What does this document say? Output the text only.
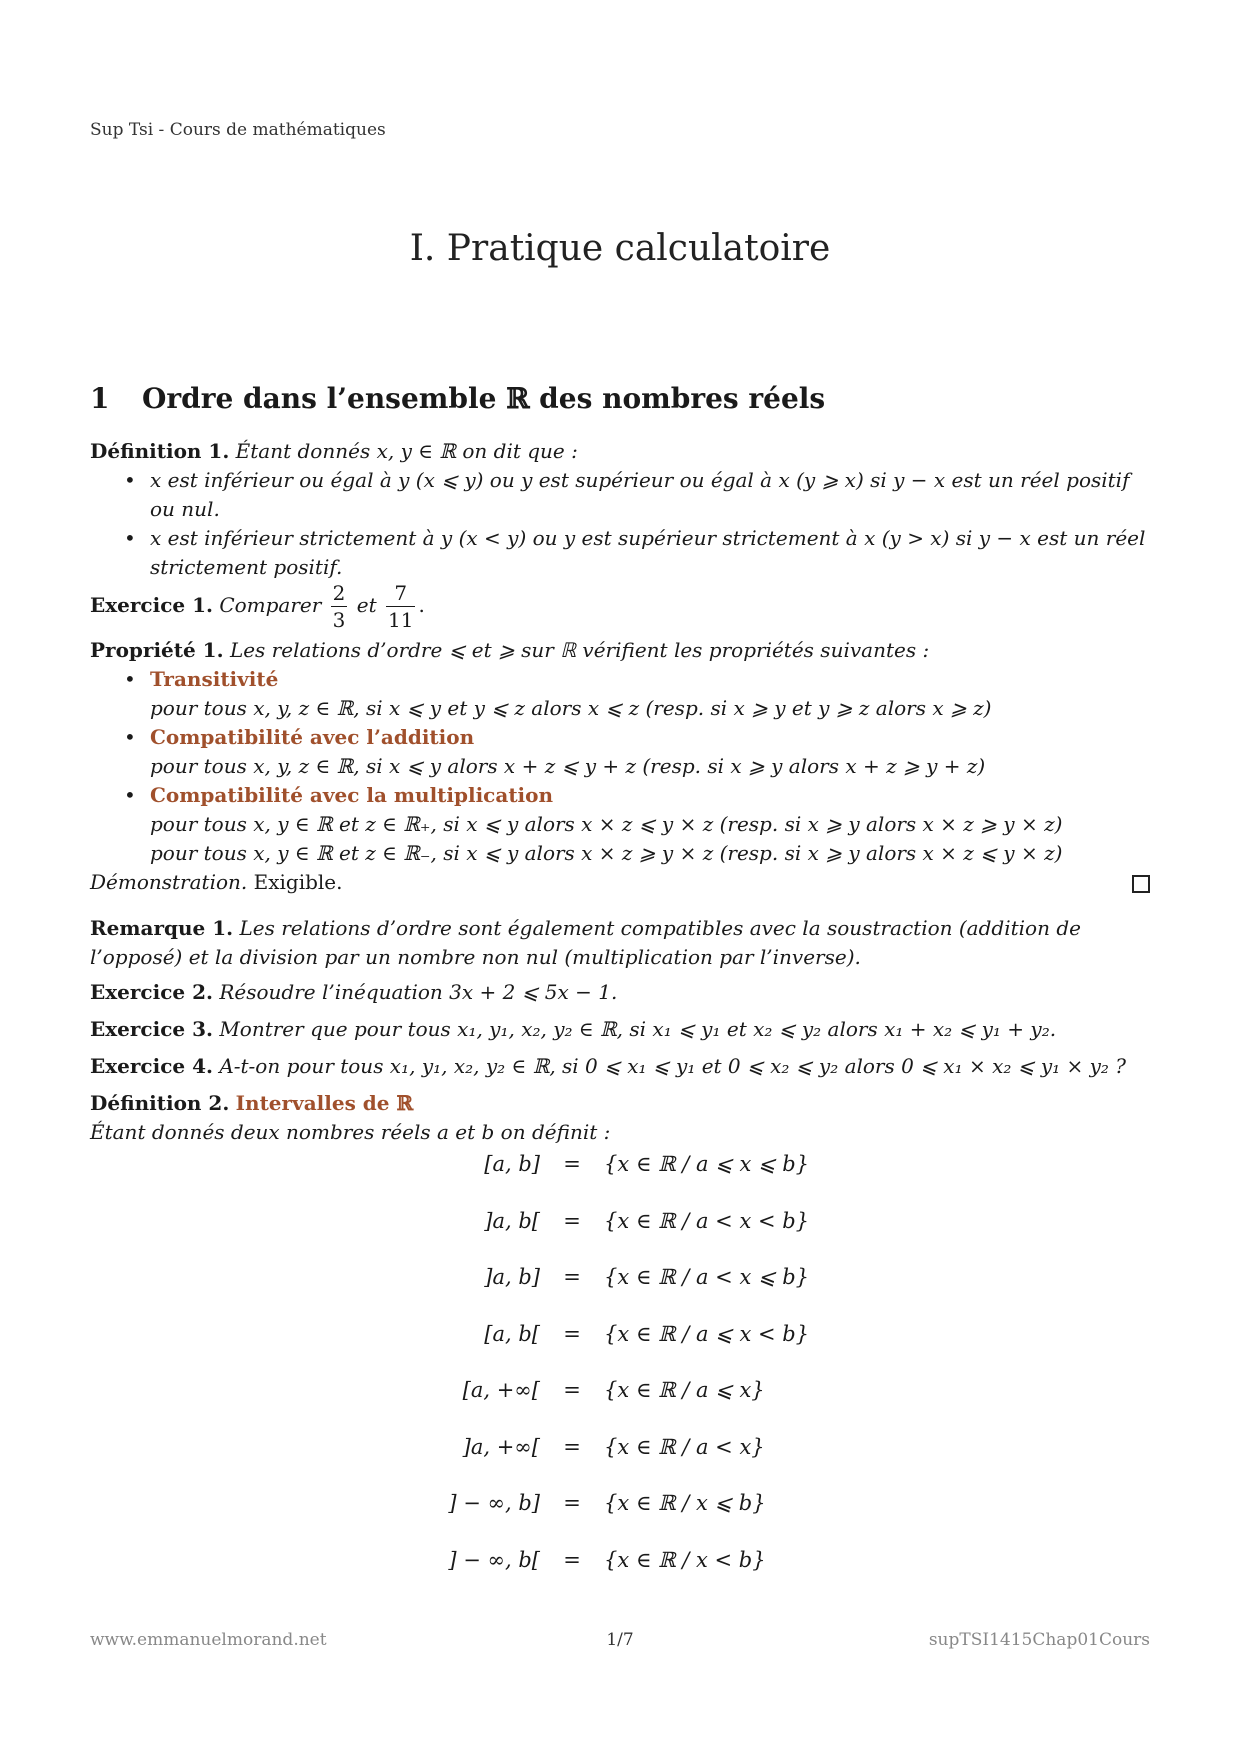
Sup Tsi - Cours de mathématiques
I. Pratique calculatoire
1 Ordre dans l’ensemble ℝ des nombres réels
Définition 1. Étant donnés x, y ∈ ℝ on dit que :
• x est inférieur ou égal à y (x ⩽ y) ou y est supérieur ou égal à x (y ⩾ x) si y − x est un réel positif ou nul.
• x est inférieur strictement à y (x < y) ou y est supérieur strictement à x (y > x) si y − x est un réel strictement positif.
Exercice 1. Comparer $\frac{2}{3}$ et $\frac{7}{11}$ .
Propriété 1. Les relations d’ordre ⩽ et ⩾ sur ℝ vérifient les propriétés suivantes :
• Transitivité
pour tous x, y, z ∈ ℝ, si x ⩽ y et y ⩽ z alors x ⩽ z (resp. si x ⩾ y et y ⩾ z alors x ⩾ z)
• Compatibilité avec l’addition
pour tous x, y, z ∈ ℝ, si x ⩽ y alors x + z ⩽ y + z (resp. si x ⩾ y alors x + z ⩾ y + z)
• Compatibilité avec la multiplication
pour tous x, y ∈ ℝ et z ∈ ℝ₊, si x ⩽ y alors x × z ⩽ y × z (resp. si x ⩾ y alors x × z ⩾ y × z)
pour tous x, y ∈ ℝ et z ∈ ℝ₋, si x ⩽ y alors x × z ⩾ y × z (resp. si x ⩾ y alors x × z ⩽ y × z)
Démonstration. Exigible.
Remarque 1. Les relations d’ordre sont également compatibles avec la soustraction (addition de l’opposé) et la division par un nombre non nul (multiplication par l’inverse).
Exercice 2. Résoudre l’inéquation 3x + 2 ⩽ 5x − 1.
Exercice 3. Montrer que pour tous x₁, y₁, x₂, y₂ ∈ ℝ, si x₁ ⩽ y₁ et x₂ ⩽ y₂ alors x₁ + x₂ ⩽ y₁ + y₂.
Exercice 4. A-t-on pour tous x₁, y₁, x₂, y₂ ∈ ℝ, si 0 ⩽ x₁ ⩽ y₁ et 0 ⩽ x₂ ⩽ y₂ alors 0 ⩽ x₁ × x₂ ⩽ y₁ × y₂ ?
Définition 2. Intervalles de ℝ
Étant donnés deux nombres réels a et b on définit :
[a, b]	=	{x ∈ ℝ / a ⩽ x ⩽ b}
]a, b[	=	{x ∈ ℝ / a < x < b}
]a, b]	=	{x ∈ ℝ / a < x ⩽ b}
[a, b[	=	{x ∈ ℝ / a ⩽ x < b}
[a, +∞[	=	{x ∈ ℝ / a ⩽ x}
]a, +∞[	=	{x ∈ ℝ / a < x}
] − ∞, b]	=	{x ∈ ℝ / x ⩽ b}
] − ∞, b[	=	{x ∈ ℝ / x < b}
www.emmanuelmorand.net	1/7	supTSI1415Chap01Cours
